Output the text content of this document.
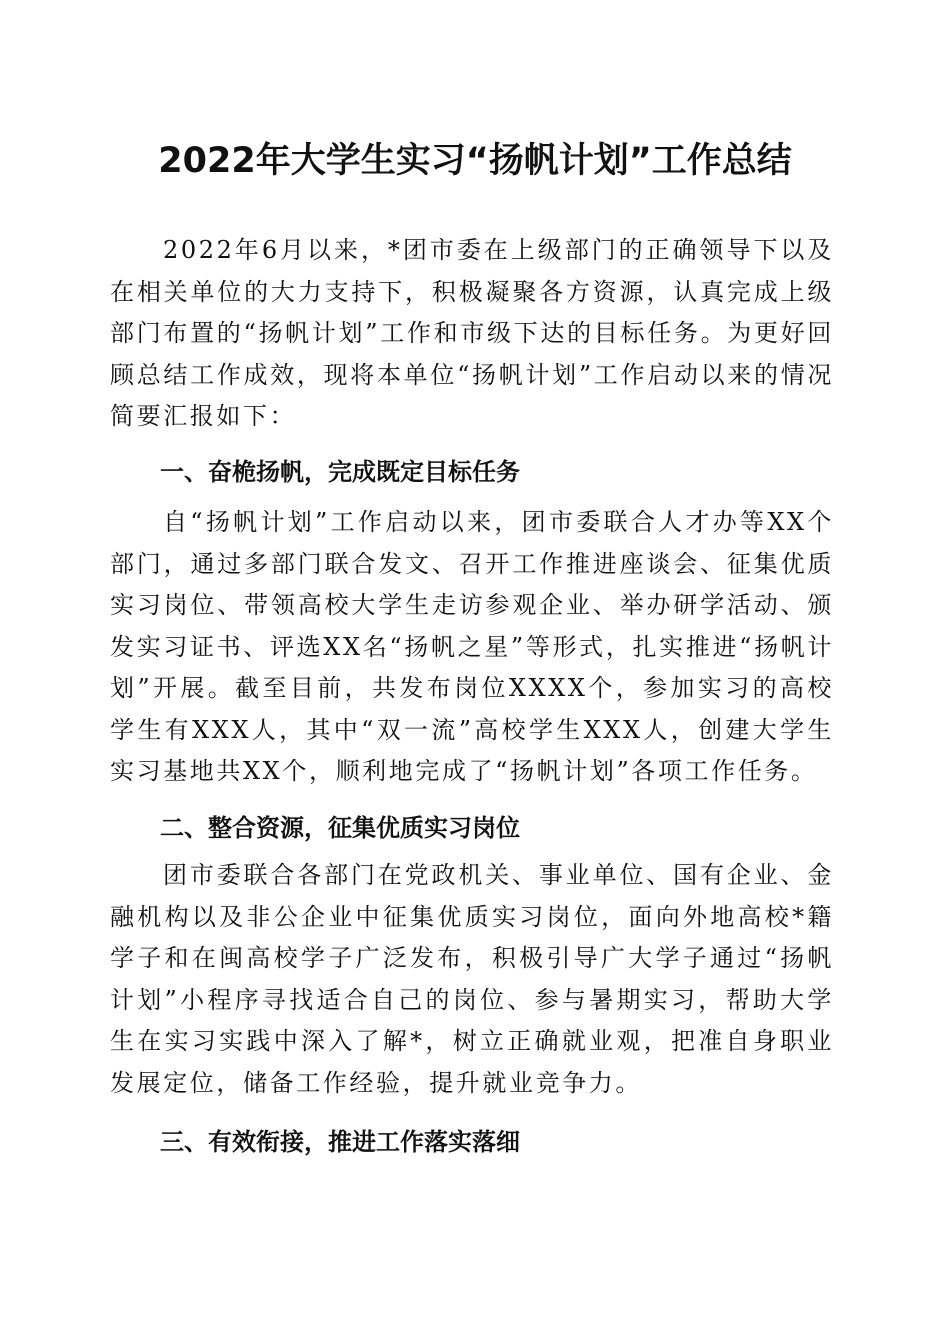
2022年大学生实习“扬帆计划”工作总结

2022年6月以来，*团市委在上级部门的正确领导下以及在相关单位的大力支持下，积极凝聚各方资源，认真完成上级部门布置的“扬帆计划”工作和市级下达的目标任务。为更好回顾总结工作成效，现将本单位“扬帆计划”工作启动以来的情况简要汇报如下：

一、奋桅扬帆，完成既定目标任务

自“扬帆计划”工作启动以来，团市委联合人才办等XX个部门，通过多部门联合发文、召开工作推进座谈会、征集优质实习岗位、带领高校大学生走访参观企业、举办研学活动、颁发实习证书、评选XX名“扬帆之星”等形式，扎实推进“扬帆计划”开展。截至目前，共发布岗位XXXX个，参加实习的高校学生有XXX人，其中“双一流”高校学生XXX人，创建大学生实习基地共XX个，顺利地完成了“扬帆计划”各项工作任务。

二、整合资源，征集优质实习岗位

团市委联合各部门在党政机关、事业单位、国有企业、金融机构以及非公企业中征集优质实习岗位，面向外地高校*籍学子和在闽高校学子广泛发布，积极引导广大学子通过“扬帆计划”小程序寻找适合自己的岗位、参与暑期实习，帮助大学生在实习实践中深入了解*，树立正确就业观，把准自身职业发展定位，储备工作经验，提升就业竞争力。

三、有效衔接，推进工作落实落细
